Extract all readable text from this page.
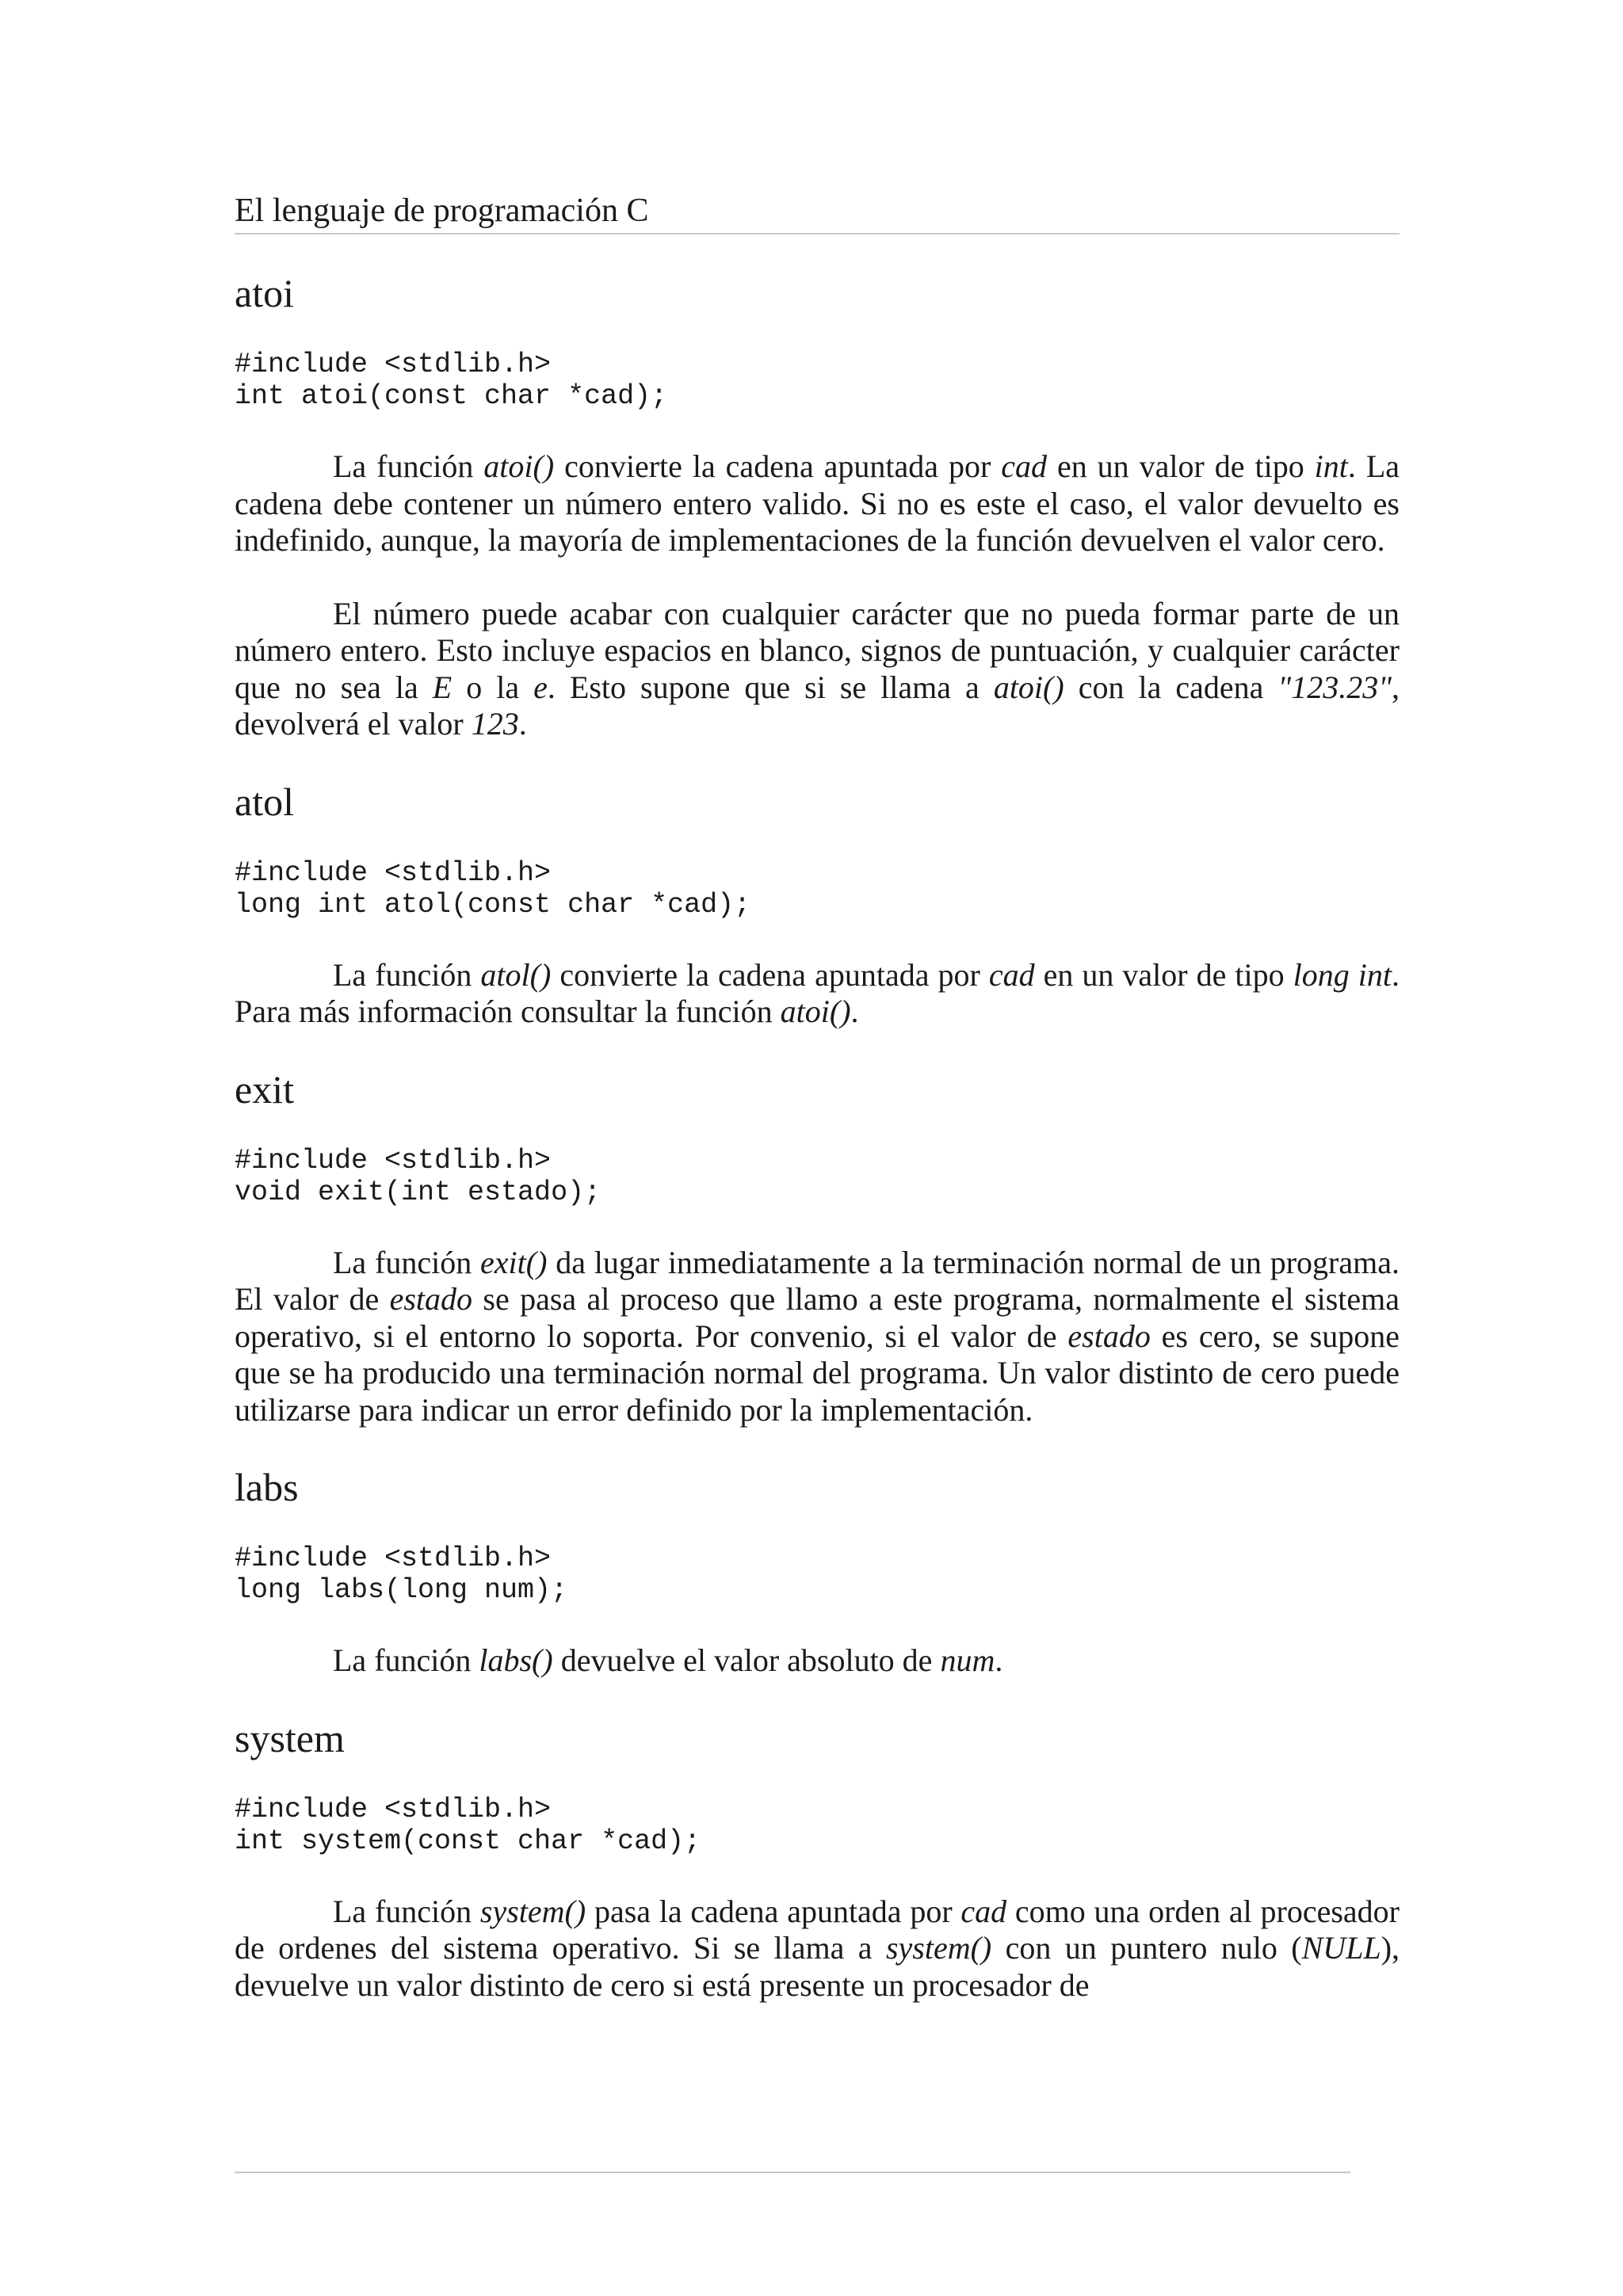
El lenguaje de programación C
atoi
#include <stdlib.h>
int atoi(const char *cad);

La función atoi() convierte la cadena apuntada por cad en un valor de tipo int. La cadena debe contener un número entero valido. Si no es este el caso, el valor devuelto es indefinido, aunque, la mayoría de implementaciones de la función devuelven el valor cero.

El número puede acabar con cualquier carácter que no pueda formar parte de un número entero. Esto incluye espacios en blanco, signos de puntuación, y cualquier carácter que no sea la E o la e. Esto supone que si se llama a atoi() con la cadena "123.23", devolverá el valor 123.

atol
#include <stdlib.h>
long int atol(const char *cad);

La función atol() convierte la cadena apuntada por cad en un valor de tipo long int. Para más información consultar la función atoi().

exit
#include <stdlib.h>
void exit(int estado);

La función exit() da lugar inmediatamente a la terminación normal de un programa. El valor de estado se pasa al proceso que llamo a este programa, normalmente el sistema operativo, si el entorno lo soporta. Por convenio, si el valor de estado es cero, se supone que se ha producido una terminación normal del programa. Un valor distinto de cero puede utilizarse para indicar un error definido por la implementación.

labs
#include <stdlib.h>
long labs(long num);

La función labs() devuelve el valor absoluto de num.

system
#include <stdlib.h>
int system(const char *cad);

La función system() pasa la cadena apuntada por cad como una orden al procesador de ordenes del sistema operativo. Si se llama a system() con un puntero nulo (NULL), devuelve un valor distinto de cero si está presente un procesador de
